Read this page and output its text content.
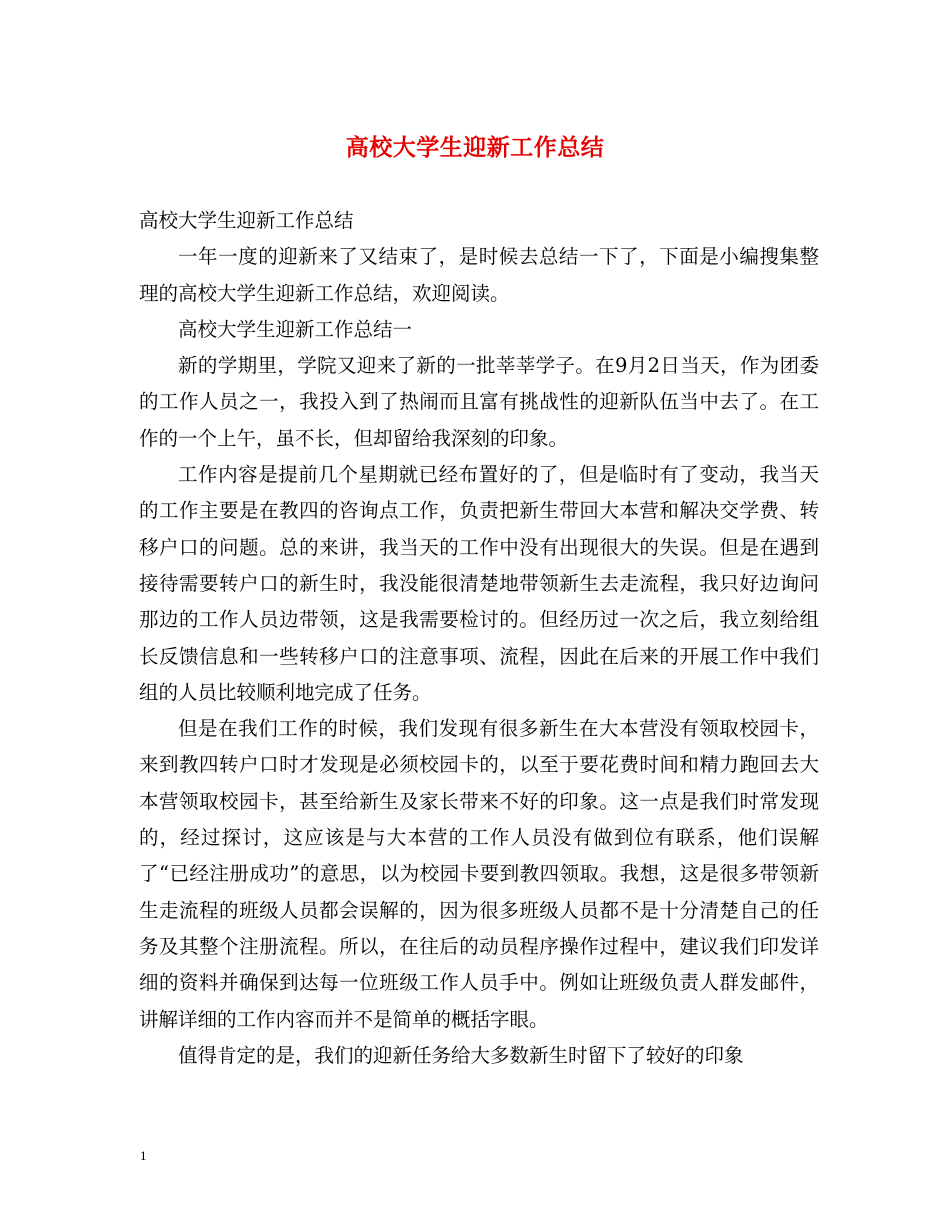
高校大学生迎新工作总结

高校大学生迎新工作总结

一年一度的迎新来了又结束了，是时候去总结一下了，下面是小编搜集整理的高校大学生迎新工作总结，欢迎阅读。

高校大学生迎新工作总结一

新的学期里，学院又迎来了新的一批莘莘学子。在9月2日当天，作为团委的工作人员之一，我投入到了热闹而且富有挑战性的迎新队伍当中去了。在工作的一个上午，虽不长，但却留给我深刻的印象。

工作内容是提前几个星期就已经布置好的了，但是临时有了变动，我当天的工作主要是在教四的咨询点工作，负责把新生带回大本营和解决交学费、转移户口的问题。总的来讲，我当天的工作中没有出现很大的失误。但是在遇到接待需要转户口的新生时，我没能很清楚地带领新生去走流程，我只好边询问那边的工作人员边带领，这是我需要检讨的。但经历过一次之后，我立刻给组长反馈信息和一些转移户口的注意事项、流程，因此在后来的开展工作中我们组的人员比较顺利地完成了任务。

但是在我们工作的时候，我们发现有很多新生在大本营没有领取校园卡，来到教四转户口时才发现是必须校园卡的，以至于要花费时间和精力跑回去大本营领取校园卡，甚至给新生及家长带来不好的印象。这一点是我们时常发现的，经过探讨，这应该是与大本营的工作人员没有做到位有联系，他们误解了“已经注册成功”的意思，以为校园卡要到教四领取。我想，这是很多带领新生走流程的班级人员都会误解的，因为很多班级人员都不是十分清楚自己的任务及其整个注册流程。所以，在往后的动员程序操作过程中，建议我们印发详细的资料并确保到达每一位班级工作人员手中。例如让班级负责人群发邮件，讲解详细的工作内容而并不是简单的概括字眼。

值得肯定的是，我们的迎新任务给大多数新生时留下了较好的印象

1
